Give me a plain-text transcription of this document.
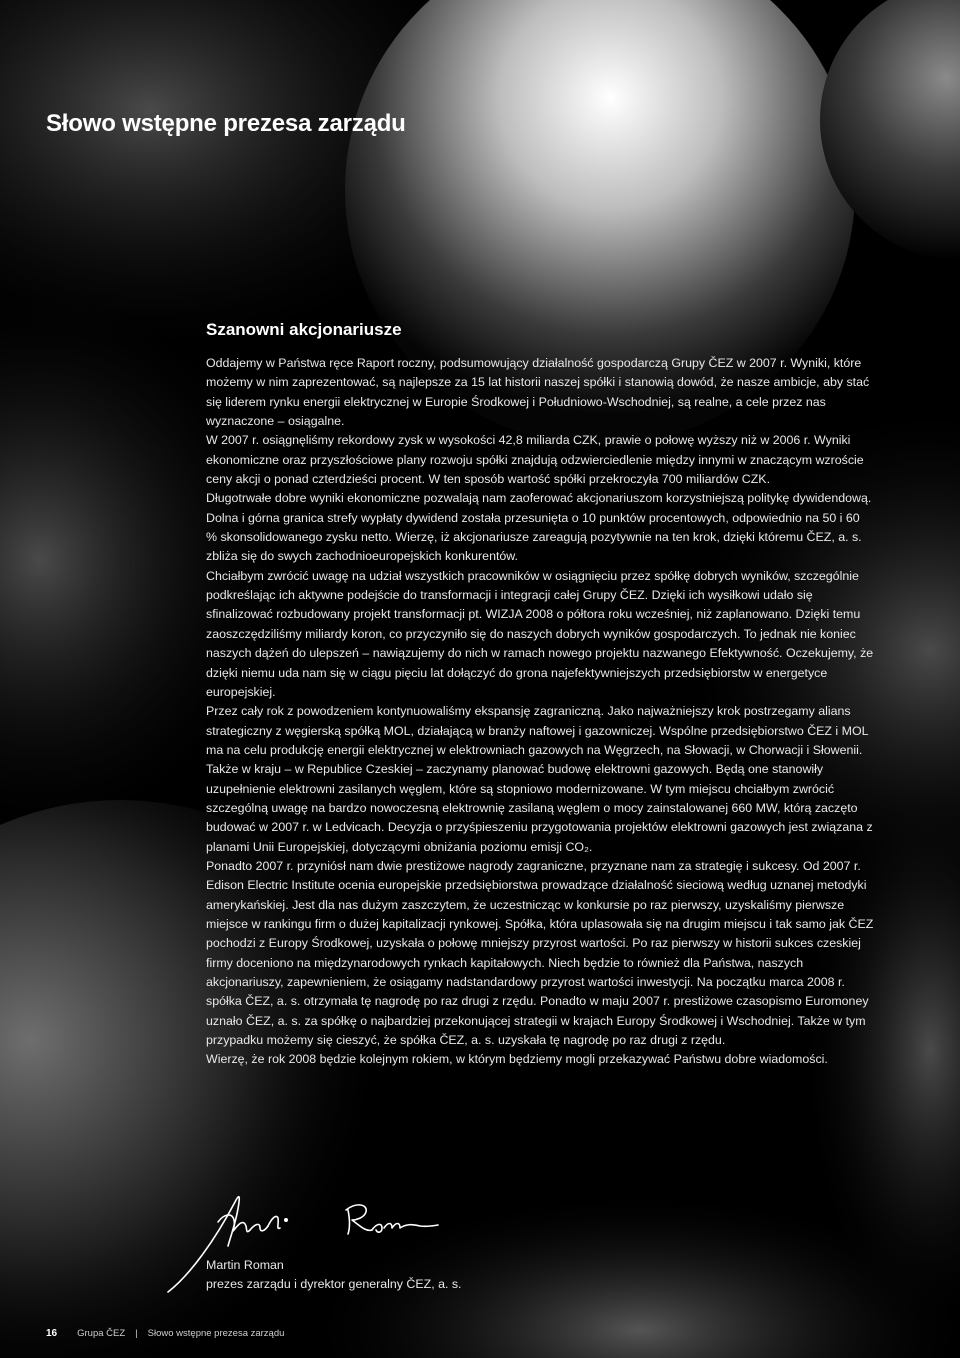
Słowo wstępne prezesa zarządu
Szanowni akcjonariusze

Oddajemy w Państwa ręce Raport roczny, podsumowujący działalność gospodarczą Grupy ČEZ w 2007 r. Wyniki, które możemy w nim zaprezentować, są najlepsze za 15 lat historii naszej spółki i stanowią dowód, że nasze ambicje, aby stać się liderem rynku energii elektrycznej w Europie Środkowej i Południowo-Wschodniej, są realne, a cele przez nas wyznaczone – osiągalne.

W 2007 r. osiągnęliśmy rekordowy zysk w wysokości 42,8 miliarda CZK, prawie o połowę wyższy niż w 2006 r. Wyniki ekonomiczne oraz przyszłościowe plany rozwoju spółki znajdują odzwierciedlenie między innymi w znaczącym wzroście ceny akcji o ponad czterdzieści procent. W ten sposób wartość spółki przekroczyła 700 miliardów CZK.

Długotrwałe dobre wyniki ekonomiczne pozwalają nam zaoferować akcjonariuszom korzystniejszą politykę dywidendową. Dolna i górna granica strefy wypłaty dywidend została przesunięta o 10 punktów procentowych, odpowiednio na 50 i 60 % skonsolidowanego zysku netto. Wierzę, iż akcjonariusze zareagują pozytywnie na ten krok, dzięki któremu ČEZ, a. s. zbliża się do swych zachodnioeuropejskich konkurentów.

Chciałbym zwrócić uwagę na udział wszystkich pracowników w osiągnięciu przez spółkę dobrych wyników, szczególnie podkreślając ich aktywne podejście do transformacji i integracji całej Grupy ČEZ. Dzięki ich wysiłkowi udało się sfinalizować rozbudowany projekt transformacji pt. WIZJA 2008 o półtora roku wcześniej, niż zaplanowano. Dzięki temu zaoszczędziliśmy miliardy koron, co przyczyniło się do naszych dobrych wyników gospodarczych. To jednak nie koniec naszych dążeń do ulepszeń – nawiązujemy do nich w ramach nowego projektu nazwanego Efektywność. Oczekujemy, że dzięki niemu uda nam się w ciągu pięciu lat dołączyć do grona najefektywniejszych przedsiębiorstw w energetyce europejskiej.

Przez cały rok z powodzeniem kontynuowaliśmy ekspansję zagraniczną. Jako najważniejszy krok postrzegamy alians strategiczny z węgierską spółką MOL, działającą w branży naftowej i gazowniczej. Wspólne przedsiębiorstwo ČEZ i MOL ma na celu produkcję energii elektrycznej w elektrowniach gazowych na Węgrzech, na Słowacji, w Chorwacji i Słowenii. Także w kraju – w Republice Czeskiej – zaczynamy planować budowę elektrowni gazowych. Będą one stanowiły uzupełnienie elektrowni zasilanych węglem, które są stopniowo modernizowane. W tym miejscu chciałbym zwrócić szczególną uwagę na bardzo nowoczesną elektrownię zasilaną węglem o mocy zainstalowanej 660 MW, którą zaczęto budować w 2007 r. w Ledvicach. Decyzja o przyśpieszeniu przygotowania projektów elektrowni gazowych jest związana z planami Unii Europejskiej, dotyczącymi obniżania poziomu emisji CO₂.

Ponadto 2007 r. przyniósł nam dwie prestiżowe nagrody zagraniczne, przyznane nam za strategię i sukcesy. Od 2007 r. Edison Electric Institute ocenia europejskie przedsiębiorstwa prowadzące działalność sieciową według uznanej metodyki amerykańskiej. Jest dla nas dużym zaszczytem, że uczestnicząc w konkursie po raz pierwszy, uzyskaliśmy pierwsze miejsce w rankingu firm o dużej kapitalizacji rynkowej. Spółka, która uplasowała się na drugim miejscu i tak samo jak ČEZ pochodzi z Europy Środkowej, uzyskała o połowę mniejszy przyrost wartości. Po raz pierwszy w historii sukces czeskiej firmy doceniono na międzynarodowych rynkach kapitałowych. Niech będzie to również dla Państwa, naszych akcjonariuszy, zapewnieniem, że osiągamy nadstandardowy przyrost wartości inwestycji. Na początku marca 2008 r. spółka ČEZ, a. s. otrzymała tę nagrodę po raz drugi z rzędu. Ponadto w maju 2007 r. prestiżowe czasopismo Euromoney uznało ČEZ, a. s. za spółkę o najbardziej przekonującej strategii w krajach Europy Środkowej i Wschodniej. Także w tym przypadku możemy się cieszyć, że spółka ČEZ, a. s. uzyskała tę nagrodę po raz drugi z rzędu.

Wierzę, że rok 2008 będzie kolejnym rokiem, w którym będziemy mogli przekazywać Państwu dobre wiadomości.

Martin Roman
prezes zarządu i dyrektor generalny ČEZ, a. s.
16 Grupa ČEZ | Słowo wstępne prezesa zarządu
